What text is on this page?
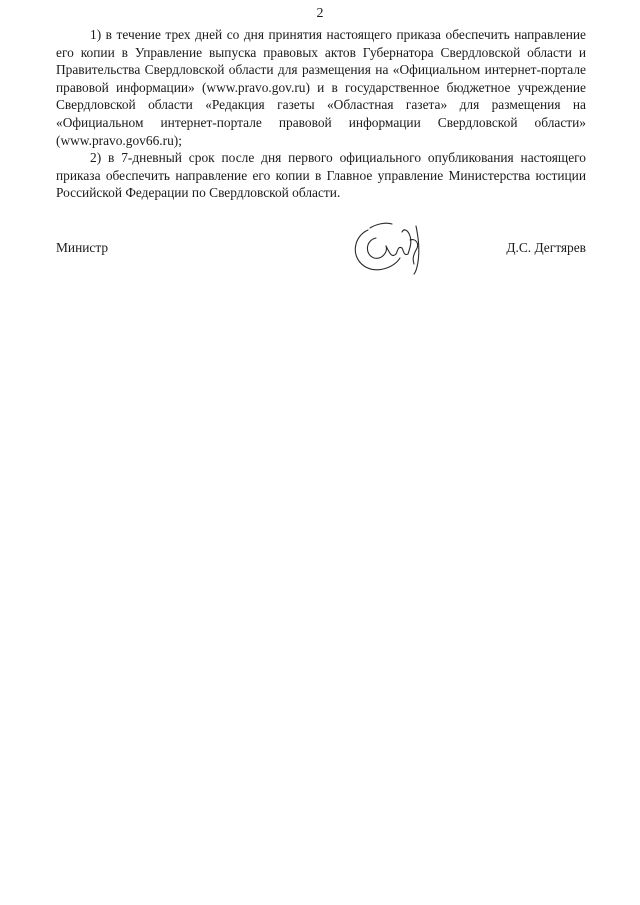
2

1) в течение трех дней со дня принятия настоящего приказа обеспечить направление его копии в Управление выпуска правовых актов Губернатора Свердловской области и Правительства Свердловской области для размещения на «Официальном интернет-портале правовой информации» (www.pravo.gov.ru) и в государственное бюджетное учреждение Свердловской области «Редакция газеты «Областная газета» для размещения на «Официальном интернет-портале правовой информации Свердловской области» (www.pravo.gov66.ru);

2) в 7-дневный срок после дня первого официального опубликования настоящего приказа обеспечить направление его копии в Главное управление Министерства юстиции Российской Федерации по Свердловской области.

Министр	Д.С. Дегтярев
